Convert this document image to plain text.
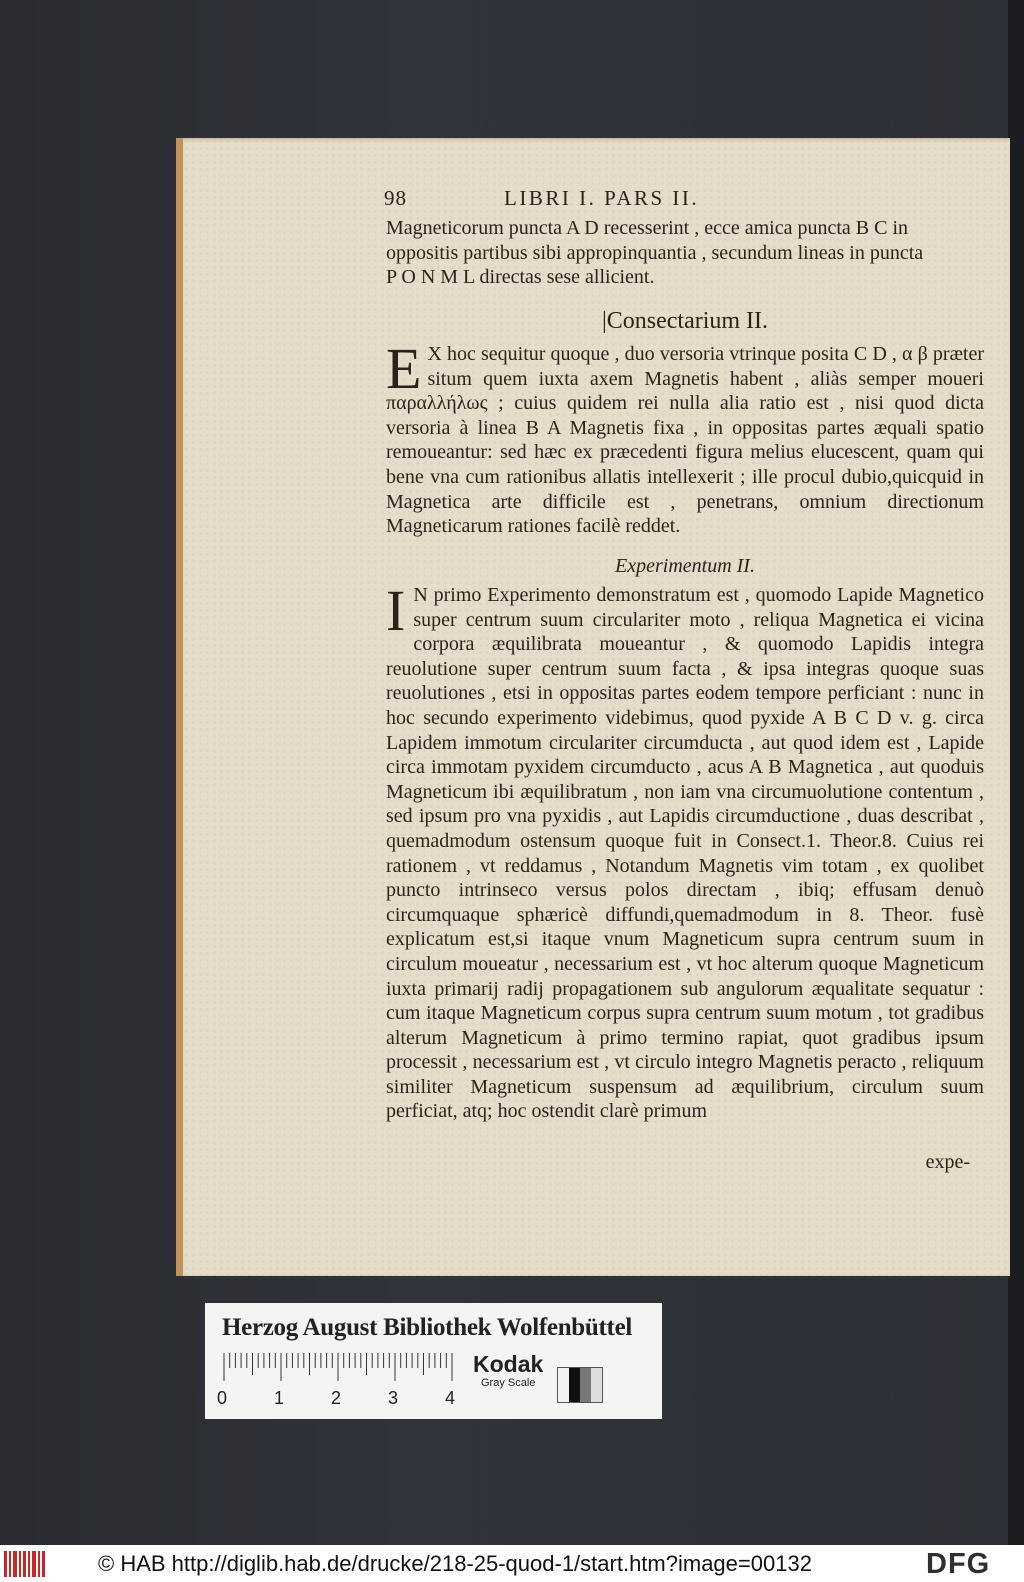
98	LIBRI I. PARS II.

Magneticorum puncta A D recesserint , ecce amica puncta B C in

oppositis partibus sibi appropinquantia , secundum lineas in puncta

P O N M L directas sese allicient.

|Consectarium II.

E X hoc sequitur quoque , duo versoria vtrinque posita C D , α β præter situm quem iuxta axem Magnetis habent , aliàs semper moueri παραλλήλως ; cuius quidem rei nulla alia ratio est , nisi quod dicta versoria à linea B A Magnetis fixa , in oppositas partes æquali spatio remoueantur: sed hæc ex præcedenti figura melius elucescent, quam qui bene vna cum rationibus allatis intellexerit ; ille procul dubio,quicquid in Magnetica arte difficile est , penetrans, omnium directionum Magneticarum rationes facilè reddet.

Experimentum II.

I N primo Experimento demonstratum est , quomodo Lapide Magnetico super centrum suum circulariter moto , reliqua Magnetica ei vicina corpora æquilibrata moueantur , & quomodo Lapidis integra reuolutione super centrum suum facta , & ipsa integras quoque suas reuolutiones , etsi in oppositas partes eodem tempore perficiant : nunc in hoc secundo experimento videbimus, quod pyxide A B C D v. g. circa Lapidem immotum circulariter circumducta , aut quod idem est , Lapide circa immotam pyxidem circumducto , acus A B Magnetica , aut quoduis Magneticum ibi æquilibratum , non iam vna circumuolutione contentum , sed ipsum pro vna pyxidis , aut Lapidis circumductione , duas describat , quemadmodum ostensum quoque fuit in Consect.1. Theor.8. Cuius rei rationem , vt reddamus , Notandum Magnetis vim totam , ex quolibet puncto intrinseco versus polos directam , ibiq; effusam denuò circumquaque sphæricè diffundi,quemadmodum in 8. Theor. fusè explicatum est,si itaque vnum Magneticum supra centrum suum in circulum moueatur , necessarium est , vt hoc alterum quoque Magneticum iuxta primarij radij propagationem sub angulorum æqualitate sequatur : cum itaque Magneticum corpus supra centrum suum motum , tot gradibus alterum Magneticum à primo termino rapiat, quot gradibus ipsum processit , necessarium est , vt circulo integro Magnetis peracto , reliquum similiter Magneticum suspensum ad æquilibrium, circulum suum perficiat, atq; hoc ostendit clarè primum

expe-
Herzog August Bibliothek Wolfenbüttel
0	1	2	3	4
Kodak
Gray Scale
© HAB http://diglib.hab.de/drucke/218-25-quod-1/start.htm?image=00132	DFG
